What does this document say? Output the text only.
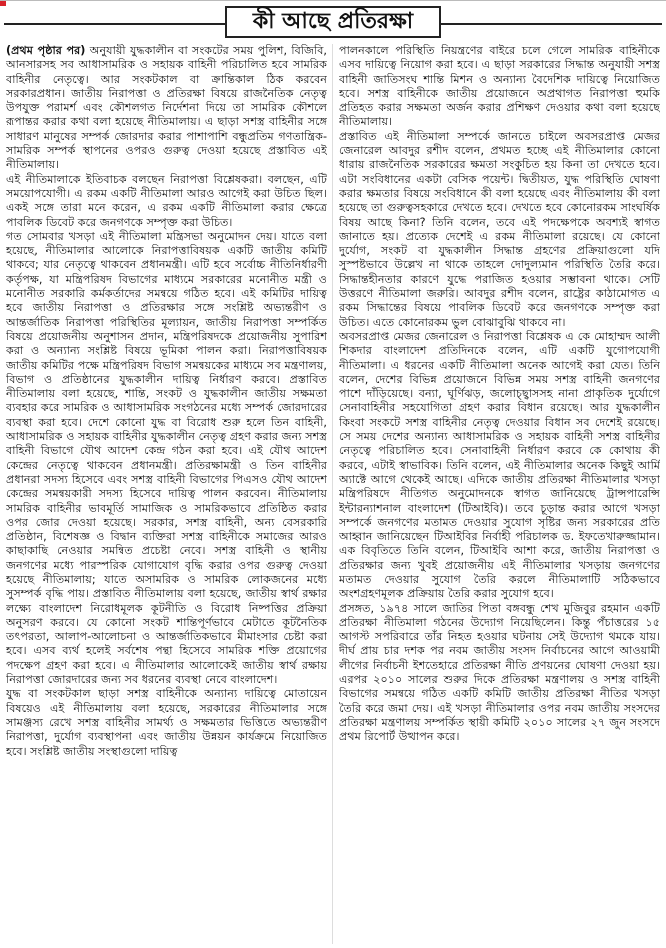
কী আছে প্রতিরক্ষা

(প্রথম পৃষ্ঠার পর) অনুযায়ী যুদ্ধকালীন বা সংকটের সময় পুলিশ, বিজিবি, আনসারসহ সব আধাসামরিক ও সহায়ক বাহিনী পরিচালিত হবে সামরিক বাহিনীর নেতৃত্বে। আর সংকটকাল বা ক্রান্তিকাল ঠিক করবেন সরকারপ্রধান। জাতীয় নিরাপত্তা ও প্রতিরক্ষা বিষয়ে রাজনৈতিক নেতৃত্ব উপযুক্ত পরামর্শ এবং কৌশলগত নির্দেশনা দিয়ে তা সামরিক কৌশলে রূপান্তর করার কথা বলা হয়েছে নীতিমালায়। এ ছাড়া সশস্ত্র বাহিনীর সঙ্গে সাধারণ মানুষের সম্পর্ক জোরদার করার পাশাপাশি বন্ধুপ্রতিম গণতান্ত্রিক-সামরিক সম্পর্ক স্থাপনের ওপরও গুরুত্ব দেওয়া হয়েছে প্রস্তাবিত এই নীতিমালায়।

এই নীতিমালাকে ইতিবাচক বলছেন নিরাপত্তা বিশ্লেষকরা। বলছেন, এটি সময়োপযোগী। এ রকম একটি নীতিমালা আরও আগেই করা উচিত ছিল। একই সঙ্গে তারা মনে করেন, এ রকম একটি নীতিমালা করার ক্ষেত্রে পাবলিক ডিবেট করে জনগণকে সম্পৃক্ত করা উচিত।

গত সোমবার খসড়া এই নীতিমালা মন্ত্রিসভা অনুমোদন দেয়। যাতে বলা হয়েছে, নীতিমালার আলোকে নিরাপত্তাবিষয়ক একটি জাতীয় কমিটি থাকবে; যার নেতৃত্বে থাকবেন প্রধানমন্ত্রী। এটি হবে সর্বোচ্চ নীতিনির্ধারণী কর্তৃপক্ষ, যা মন্ত্রিপরিষদ বিভাগের মাধ্যমে সরকারের মনোনীত মন্ত্রী ও মনোনীত সরকারি কর্মকর্তাদের সমন্বয়ে গঠিত হবে। এই কমিটির দায়িত্ব হবে জাতীয় নিরাপত্তা ও প্রতিরক্ষার সঙ্গে সংশ্লিষ্ট অভ্যন্তরীণ ও আন্তর্জাতিক নিরাপত্তা পরিস্থিতির মূল্যায়ন, জাতীয় নিরাপত্তা সম্পর্কিত বিষয়ে প্রয়োজনীয় অনুশাসন প্রদান, মন্ত্রিপরিষদকে প্রয়োজনীয় সুপারিশ করা ও অন্যান্য সংশ্লিষ্ট বিষয়ে ভূমিকা পালন করা। নিরাপত্তাবিষয়ক জাতীয় কমিটির পক্ষে মন্ত্রিপরিষদ বিভাগ সমন্বয়কের মাধ্যমে সব মন্ত্রণালয়, বিভাগ ও প্রতিষ্ঠানের যুদ্ধকালীন দায়িত্ব নির্ধারণ করবে। প্রস্তাবিত নীতিমালায় বলা হয়েছে, শান্তি, সংকট ও যুদ্ধকালীন জাতীয় সক্ষমতা ব্যবহার করে সামরিক ও আধাসামরিক সংগঠনের মধ্যে সম্পর্ক জোরদারের ব্যবস্থা করা হবে। দেশে কোনো যুদ্ধ বা বিরোধ শুরু হলে তিন বাহিনী, আধাসামরিক ও সহায়ক বাহিনীর যুদ্ধকালীন নেতৃত্ব গ্রহণ করার জন্য সশস্ত্র বাহিনী বিভাগে যৌথ আদেশ কেন্দ্র গঠন করা হবে। এই যৌথ আদেশ কেন্দ্রের নেতৃত্বে থাকবেন প্রধানমন্ত্রী। প্রতিরক্ষামন্ত্রী ও তিন বাহিনীর প্রধানরা সদস্য হিসেবে এবং সশস্ত্র বাহিনী বিভাগের পিএসও যৌথ আদেশ কেন্দ্রের সমন্বয়কারী সদস্য হিসেবে দায়িত্ব পালন করবেন। নীতিমালায় সামরিক বাহিনীর ভাবমূর্তি সামাজিক ও সামরিকভাবে প্রতিষ্ঠিত করার ওপর জোর দেওয়া হয়েছে। সরকার, সশস্ত্র বাহিনী, অন্য বেসরকারি প্রতিষ্ঠান, বিশেষজ্ঞ ও বিদ্বান ব্যক্তিরা সশস্ত্র বাহিনীকে সমাজের আরও কাছাকাছি নেওয়ার সমন্বিত প্রচেষ্টা নেবে। সশস্ত্র বাহিনী ও স্থানীয় জনগণের মধ্যে পারস্পরিক যোগাযোগ বৃদ্ধি করার ওপর গুরুত্ব দেওয়া হয়েছে নীতিমালায়; যাতে অসামরিক ও সামরিক লোকজনের মধ্যে সুসম্পর্ক বৃদ্ধি পায়। প্রস্তাবিত নীতিমালায় বলা হয়েছে, জাতীয় স্বার্থ রক্ষার লক্ষ্যে বাংলাদেশ নিরোধমূলক কূটনীতি ও বিরোধ নিষ্পত্তির প্রক্রিয়া অনুসরণ করবে। যে কোনো সংকট শান্তিপূর্ণভাবে মেটাতে কূটনৈতিক তৎপরতা, আলাপ-আলোচনা ও আন্তর্জাতিকভাবে মীমাংসার চেষ্টা করা হবে। এসব ব্যর্থ হলেই সর্বশেষ পন্থা হিসেবে সামরিক শক্তি প্রয়োগের পদক্ষেপ গ্রহণ করা হবে। এ নীতিমালার আলোকেই জাতীয় স্বার্থ রক্ষায় নিরাপত্তা জোরদারের জন্য সব ধরনের ব্যবস্থা নেবে বাংলাদেশ।

যুদ্ধ বা সংকটকাল ছাড়া সশস্ত্র বাহিনীকে অন্যান্য দায়িত্বে মোতায়েন বিষয়েও এই নীতিমালায় বলা হয়েছে, সরকারের নীতিমালার সঙ্গে সামঞ্জস্য রেখে সশস্ত্র বাহিনীর সামর্থ্য ও সক্ষমতার ভিত্তিতে অভ্যন্তরীণ নিরাপত্তা, দুর্যোগ ব্যবস্থাপনা এবং জাতীয় উন্নয়ন কার্যক্রমে নিয়োজিত হবে। সংশ্লিষ্ট জাতীয় সংস্থাগুলো দায়িত্ব

পালনকালে পরিস্থিতি নিয়ন্ত্রণের বাইরে চলে গেলে সামরিক বাহিনীকে এসব দায়িত্বে নিয়োগ করা হবে। এ ছাড়া সরকারের সিদ্ধান্ত অনুযায়ী সশস্ত্র বাহিনী জাতিসংঘ শান্তি মিশন ও অন্যান্য বৈদেশিক দায়িত্বে নিয়োজিত হবে। সশস্ত্র বাহিনীকে জাতীয় প্রয়োজনে অপ্রথাগত নিরাপত্তা হুমকি প্রতিহত করার সক্ষমতা অর্জন করার প্রশিক্ষণ দেওয়ার কথা বলা হয়েছে নীতিমালায়।

প্রস্তাবিত এই নীতিমালা সম্পর্কে জানতে চাইলে অবসরপ্রাপ্ত মেজর জেনারেল আবদুর রশীদ বলেন, প্রথমত হচ্ছে এই নীতিমালার কোনো ধারায় রাজনৈতিক সরকারের ক্ষমতা সংকুচিত হয় কিনা তা দেখতে হবে। এটা সংবিধানের একটা বেসিক পয়েন্ট। দ্বিতীয়ত, যুদ্ধ পরিস্থিতি ঘোষণা করার ক্ষমতার বিষয়ে সংবিধানে কী বলা হয়েছে এবং নীতিমালায় কী বলা হয়েছে তা গুরুত্বসহকারে দেখতে হবে। দেখতে হবে কোনোরকম সাংঘর্ষিক বিষয় আছে কিনা? তিনি বলেন, তবে এই পদক্ষেপকে অবশ্যই স্বাগত জানাতে হয়। প্রত্যেক দেশেই এ রকম নীতিমালা রয়েছে। যে কোনো দুর্যোগ, সংকট বা যুদ্ধকালীন সিদ্ধান্ত গ্রহণের প্রক্রিয়াগুলো যদি সুস্পষ্টভাবে উল্লেখ না থাকে তাহলে দোদুল্যমান পরিস্থিতি তৈরি করে। সিদ্ধান্তহীনতার কারণে যুদ্ধে পরাজিত হওয়ার সম্ভাবনা থাকে। সেটি উত্তরণে নীতিমালা জরুরি। আবদুর রশীদ বলেন, রাষ্ট্রের কাঠামোগত এ রকম সিদ্ধান্তের বিষয়ে পাবলিক ডিবেট করে জনগণকে সম্পৃক্ত করা উচিত। এতে কোনোরকম ভুল বোঝাবুঝি থাকবে না।

অবসরপ্রাপ্ত মেজর জেনারেল ও নিরাপত্তা বিশ্লেষক এ কে মোহাম্মদ আলী শিকদার বাংলাদেশ প্রতিদিনকে বলেন, এটি একটি যুগোপযোগী নীতিমালা। এ ধরনের একটি নীতিমালা অনেক আগেই করা যেত। তিনি বলেন, দেশের বিভিন্ন প্রয়োজনে বিভিন্ন সময় সশস্ত্র বাহিনী জনগণের পাশে দাঁড়িয়েছে। বন্যা, ঘূর্ণিঝড়, জলোচ্ছ্বাসসহ নানা প্রাকৃতিক দুর্যোগে সেনাবাহিনীর সহযোগিতা গ্রহণ করার বিধান রয়েছে। আর যুদ্ধকালীন কিংবা সংকটে সশস্ত্র বাহিনীর নেতৃত্ব দেওয়ার বিধান সব দেশেই রয়েছে। সে সময় দেশের অন্যান্য আধাসামরিক ও সহায়ক বাহিনী সশস্ত্র বাহিনীর নেতৃত্বে পরিচালিত হবে। সেনাবাহিনী নির্ধারণ করবে কে কোথায় কী করবে, এটাই স্বাভাবিক। তিনি বলেন, এই নীতিমালার অনেক কিছুই আর্মি অ্যাক্টে আগে থেকেই আছে। এদিকে জাতীয় প্রতিরক্ষা নীতিমালার খসড়া মন্ত্রিপরিষদে নীতিগত অনুমোদনকে স্বাগত জানিয়েছে ট্রান্সপারেন্সি ইন্টারন্যাশনাল বাংলাদেশ (টিআইবি)। তবে চূড়ান্ত করার আগে খসড়া সম্পর্কে জনগণের মতামত দেওয়ার সুযোগ সৃষ্টির জন্য সরকারের প্রতি আহ্বান জানিয়েছেন টিআইবির নির্বাহী পরিচালক ড. ইফতেখারুজ্জামান। এক বিবৃতিতে তিনি বলেন, টিআইবি আশা করে, জাতীয় নিরাপত্তা ও প্রতিরক্ষার জন্য খুবই প্রয়োজনীয় এই নীতিমালার খসড়ায় জনগণের মতামত দেওয়ার সুযোগ তৈরি করলে নীতিমালাটি সঠিকভাবে অংশগ্রহণমূলক প্রক্রিয়ায় তৈরি করার সুযোগ হবে।

প্রসঙ্গত, ১৯৭৪ সালে জাতির পিতা বঙ্গবন্ধু শেখ মুজিবুর রহমান একটি প্রতিরক্ষা নীতিমালা গঠনের উদ্যোগ নিয়েছিলেন। কিন্তু পঁচাত্তরের ১৫ আগস্ট সপরিবারে তাঁর নিহত হওয়ার ঘটনায় সেই উদ্যোগ থমকে যায়। দীর্ঘ প্রায় চার দশক পর নবম জাতীয় সংসদ নির্বাচনের আগে আওয়ামী লীগের নির্বাচনী ইশতেহারে প্রতিরক্ষা নীতি প্রণয়নের ঘোষণা দেওয়া হয়। এরপর ২০১০ সালের শুরুর দিকে প্রতিরক্ষা মন্ত্রণালয় ও সশস্ত্র বাহিনী বিভাগের সমন্বয়ে গঠিত একটি কমিটি জাতীয় প্রতিরক্ষা নীতির খসড়া তৈরি করে জমা দেয়। এই খসড়া নীতিমালার ওপর নবম জাতীয় সংসদের প্রতিরক্ষা মন্ত্রণালয় সম্পর্কিত স্থায়ী কমিটি ২০১০ সালের ২৭ জুন সংসদে প্রথম রিপোর্ট উত্থাপন করে।
